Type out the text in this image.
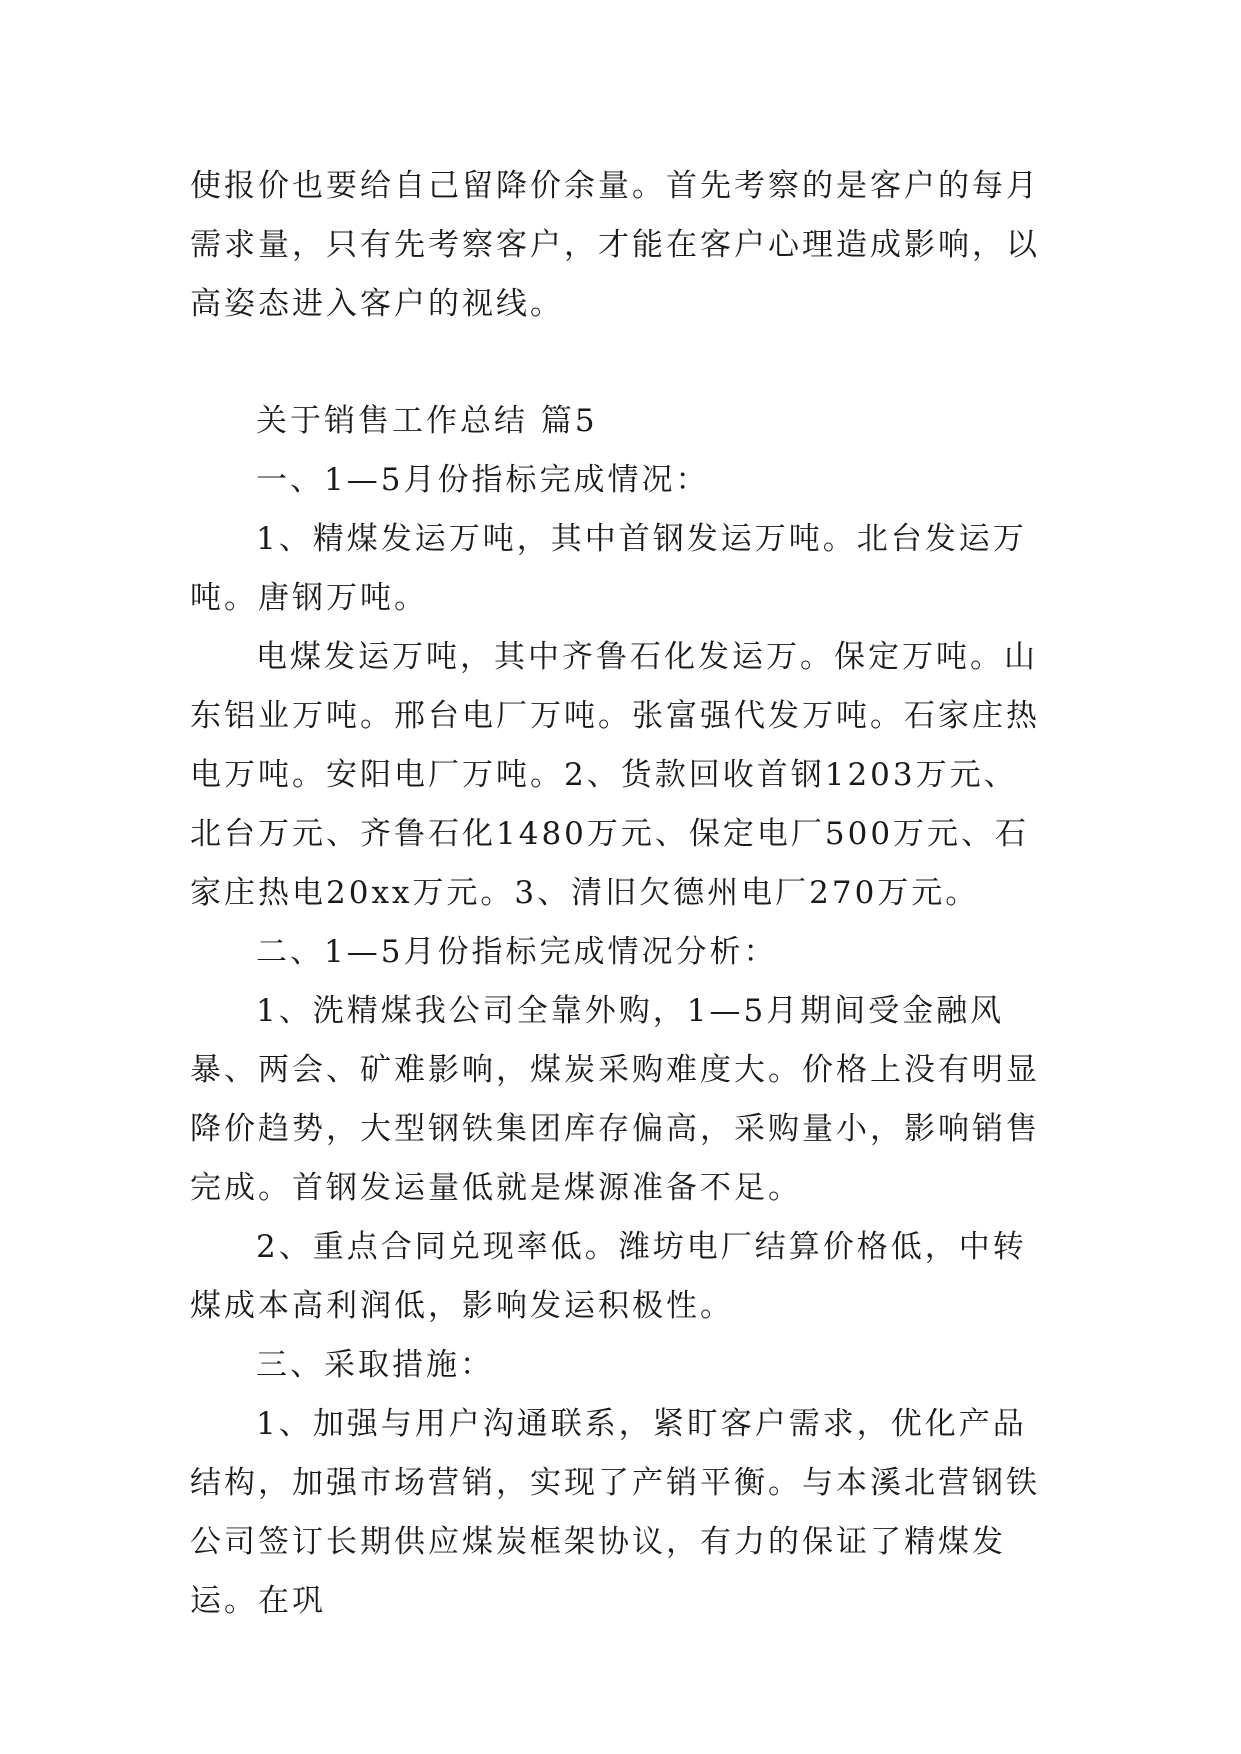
使报价也要给自己留降价余量。首先考察的是客户的每月需求量，只有先考察客户，才能在客户心理造成影响，以高姿态进入客户的视线。

关于销售工作总结 篇5

一、1—5月份指标完成情况：

1、精煤发运万吨，其中首钢发运万吨。北台发运万吨。唐钢万吨。

电煤发运万吨，其中齐鲁石化发运万。保定万吨。山东铝业万吨。邢台电厂万吨。张富强代发万吨。石家庄热电万吨。安阳电厂万吨。2、货款回收首钢1203万元、北台万元、齐鲁石化1480万元、保定电厂500万元、石家庄热电20xx万元。3、清旧欠德州电厂270万元。

二、1—5月份指标完成情况分析：

1、洗精煤我公司全靠外购，1—5月期间受金融风暴、两会、矿难影响，煤炭采购难度大。价格上没有明显降价趋势，大型钢铁集团库存偏高，采购量小，影响销售完成。首钢发运量低就是煤源准备不足。

2、重点合同兑现率低。潍坊电厂结算价格低，中转煤成本高利润低，影响发运积极性。

三、采取措施：

1、加强与用户沟通联系，紧盯客户需求，优化产品结构，加强市场营销，实现了产销平衡。与本溪北营钢铁公司签订长期供应煤炭框架协议，有力的保证了精煤发运。在巩
